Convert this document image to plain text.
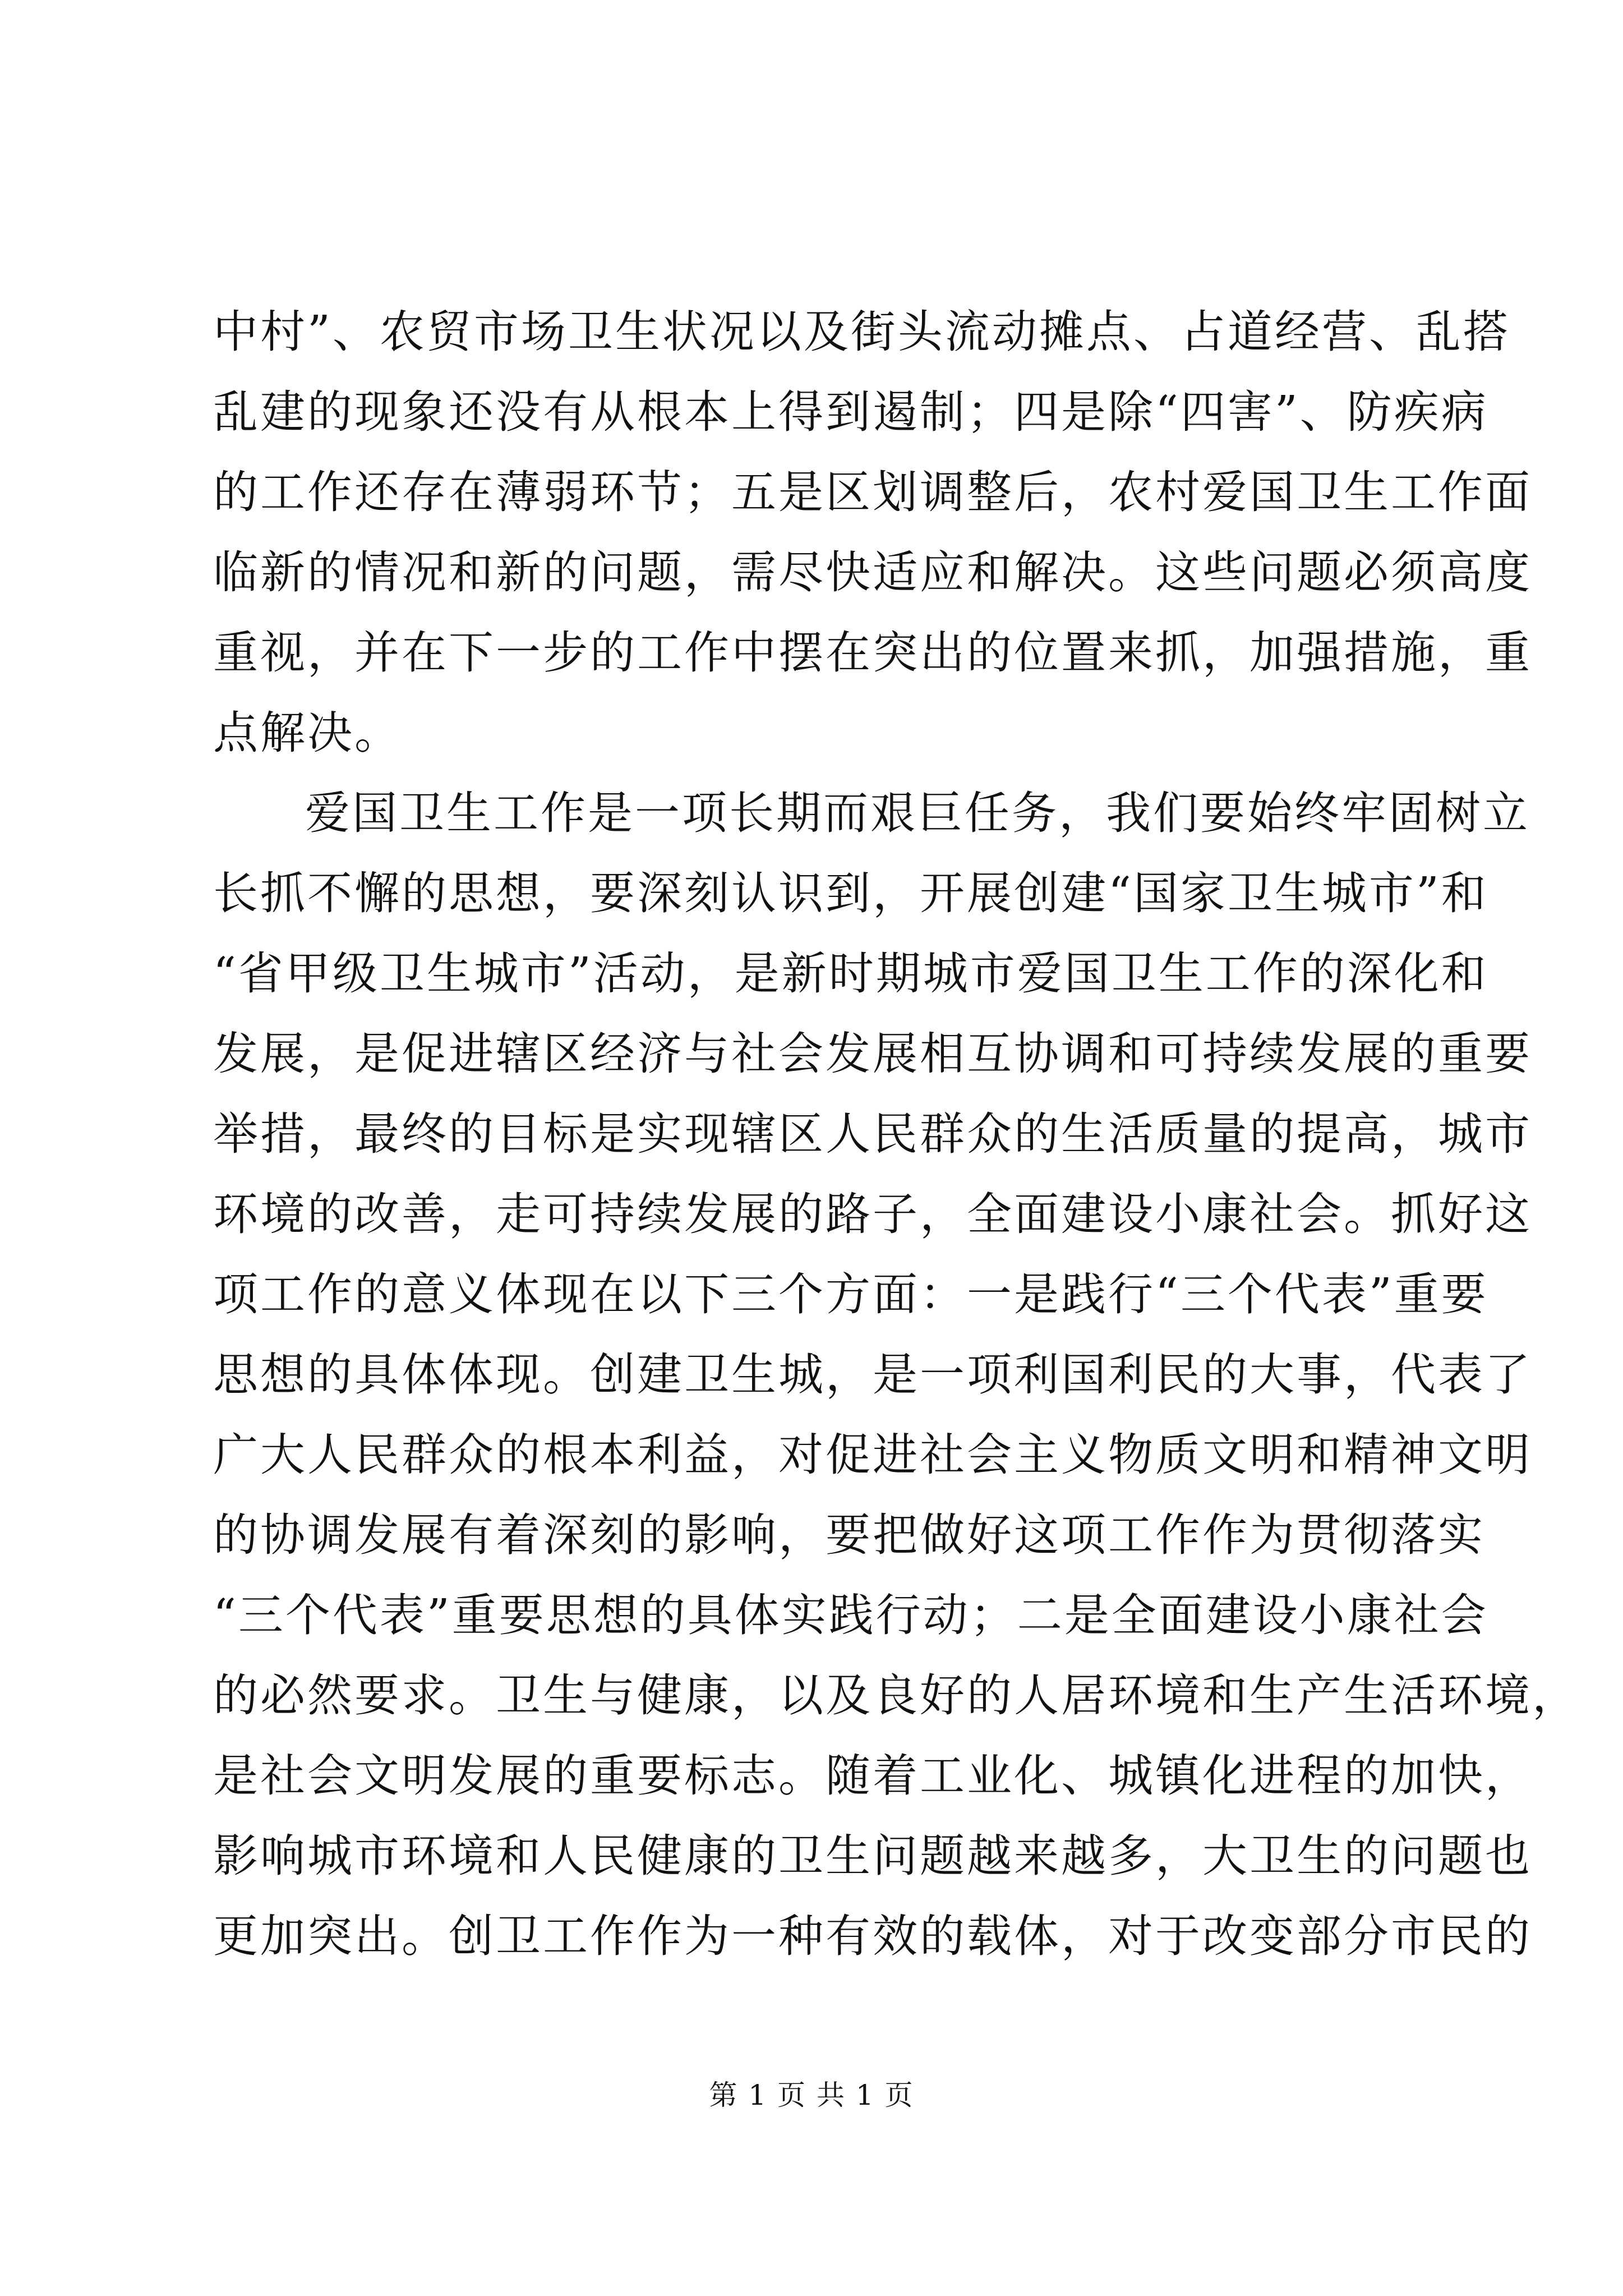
中村”、农贸市场卫生状况以及街头流动摊点、占道经营、乱搭
乱建的现象还没有从根本上得到遏制；四是除“四害”、防疾病
的工作还存在薄弱环节；五是区划调整后，农村爱国卫生工作面
临新的情况和新的问题，需尽快适应和解决。这些问题必须高度
重视，并在下一步的工作中摆在突出的位置来抓，加强措施，重
点解决。
爱国卫生工作是一项长期而艰巨任务，我们要始终牢固树立
长抓不懈的思想，要深刻认识到，开展创建“国家卫生城市”和
“省甲级卫生城市”活动，是新时期城市爱国卫生工作的深化和
发展，是促进辖区经济与社会发展相互协调和可持续发展的重要
举措，最终的目标是实现辖区人民群众的生活质量的提高，城市
环境的改善，走可持续发展的路子，全面建设小康社会。抓好这
项工作的意义体现在以下三个方面：一是践行“三个代表”重要
思想的具体体现。创建卫生城，是一项利国利民的大事，代表了
广大人民群众的根本利益，对促进社会主义物质文明和精神文明
的协调发展有着深刻的影响，要把做好这项工作作为贯彻落实
“三个代表”重要思想的具体实践行动；二是全面建设小康社会
的必然要求。卫生与健康，以及良好的人居环境和生产生活环境，
是社会文明发展的重要标志。随着工业化、城镇化进程的加快，
影响城市环境和人民健康的卫生问题越来越多，大卫生的问题也
更加突出。创卫工作作为一种有效的载体，对于改变部分市民的
第 1 页 共 1 页
